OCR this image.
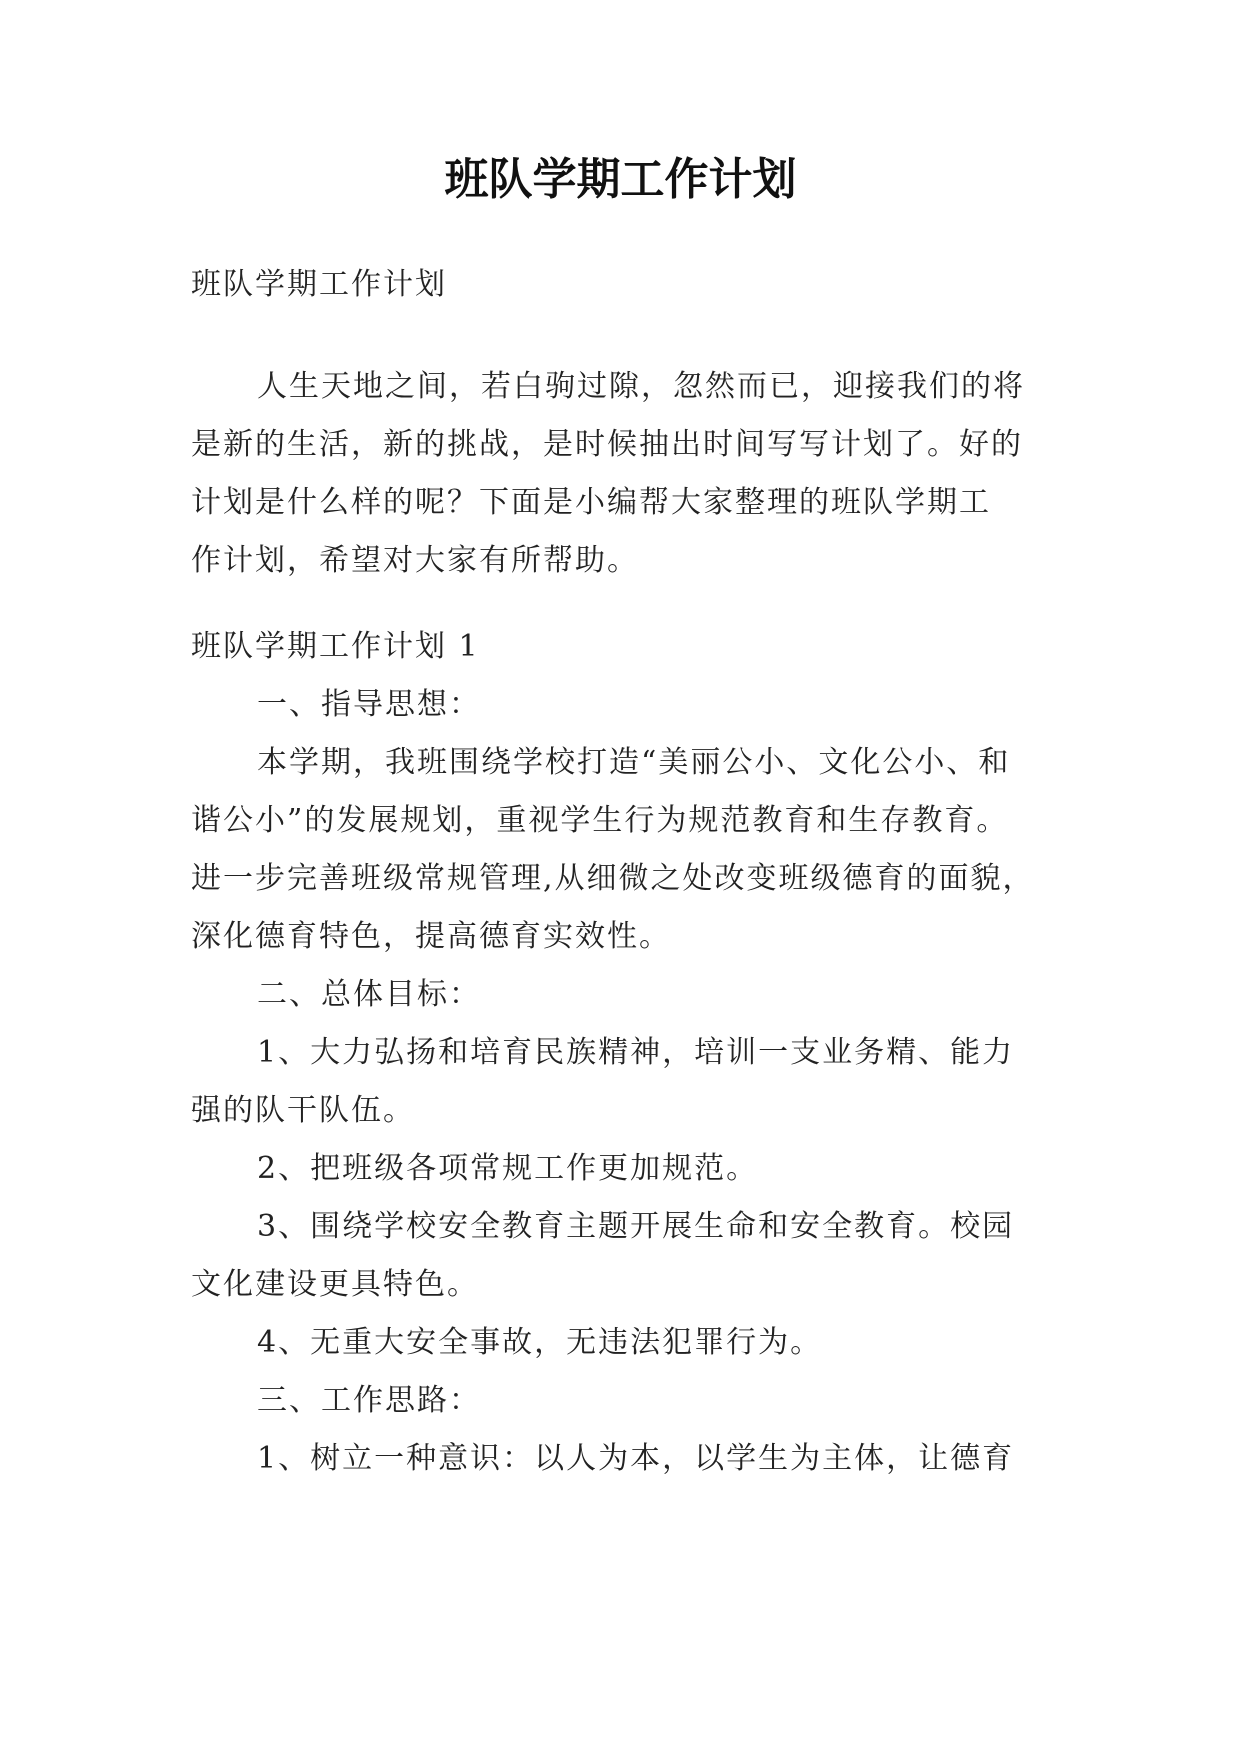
班队学期工作计划
班队学期工作计划
人生天地之间，若白驹过隙，忽然而已，迎接我们的将
是新的生活，新的挑战，是时候抽出时间写写计划了。好的
计划是什么样的呢？下面是小编帮大家整理的班队学期工
作计划，希望对大家有所帮助。
班队学期工作计划 1
一、指导思想：
本学期，我班围绕学校打造“美丽公小、文化公小、和
谐公小”的发展规划，重视学生行为规范教育和生存教育。
进一步完善班级常规管理,从细微之处改变班级德育的面貌，
深化德育特色，提高德育实效性。
二、总体目标：
1、大力弘扬和培育民族精神，培训一支业务精、能力
强的队干队伍。
2、把班级各项常规工作更加规范。
3、围绕学校安全教育主题开展生命和安全教育。校园
文化建设更具特色。
4、无重大安全事故，无违法犯罪行为。
三、工作思路：
1、树立一种意识：以人为本，以学生为主体，让德育
